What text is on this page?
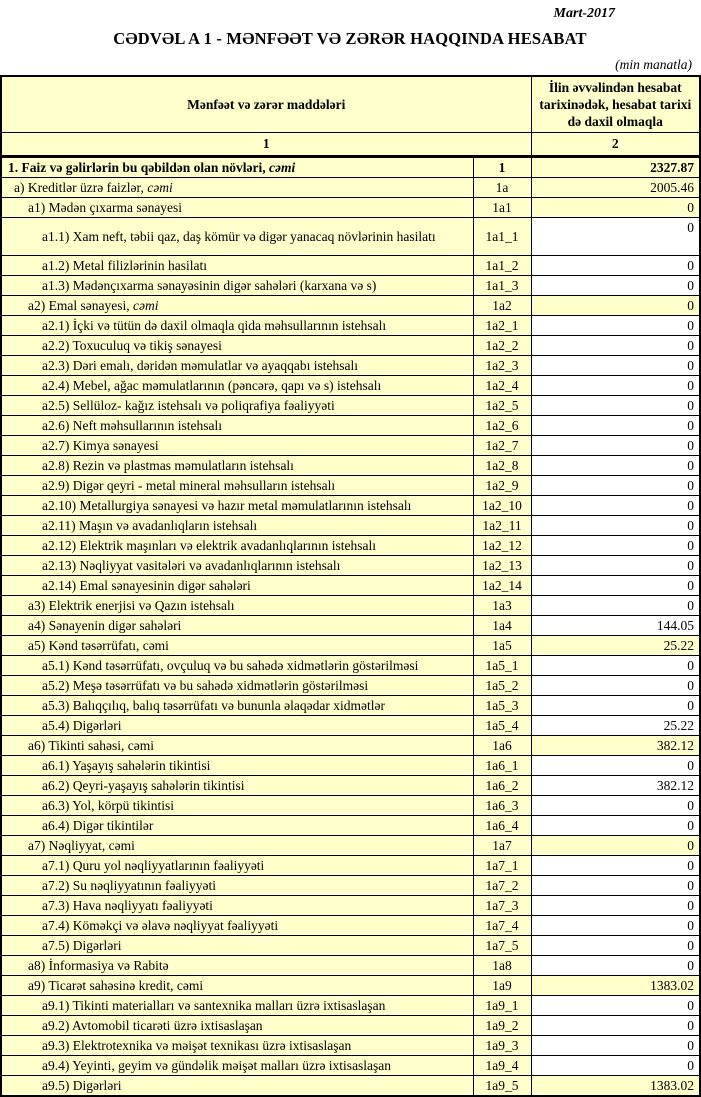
Mart-2017
CƏDVƏL A 1 - MƏNFƏƏT VƏ ZƏRƏR HAQQINDA HESABAT
(min manatla)
Mənfəət və zərər maddələri		İlin əvvəlindən hesabat tarixinədək, hesabat tarixi də daxil olmaqla
1		2
1. Faiz və gəlirlərin bu qəbildən olan növləri, cəmi	1	2327.87
a) Kreditlər üzrə faizlər, cəmi	1a	2005.46
a1) Mədən çıxarma sənayesi	1a1	0
a1.1) Xam neft, təbii qaz, daş kömür və digər yanacaq növlərinin hasilatı	1a1_1	0
a1.2) Metal filizlərinin hasilatı	1a1_2	0
a1.3) Mədənçıxarma sənayəsinin digər sahələri (karxana və s)	1a1_3	0
a2) Emal sənayesi, cəmi	1a2	0
a2.1) İçki və tütün də daxil olmaqla qida məhsullarının istehsalı	1a2_1	0
a2.2) Toxuculuq və tikiş sənayesi	1a2_2	0
a2.3) Dəri emalı, dəridən məmulatlar və ayaqqabı istehsalı	1a2_3	0
a2.4) Mebel, ağac məmulatlarının (pəncərə, qapı və s) istehsalı	1a2_4	0
a2.5) Sellüloz- kağız istehsalı və poliqrafiya fəaliyyəti	1a2_5	0
a2.6) Neft məhsullarının istehsalı	1a2_6	0
a2.7) Kimya sənayesi	1a2_7	0
a2.8) Rezin və plastmas məmulatların istehsalı	1a2_8	0
a2.9) Digər qeyri - metal mineral məhsulların istehsalı	1a2_9	0
a2.10) Metallurgiya sənayesi və hazır metal məmulatlarının istehsalı	1a2_10	0
a2.11) Maşın və avadanlıqların istehsalı	1a2_11	0
a2.12) Elektrik maşınları və elektrik avadanlıqlarının istehsalı	1a2_12	0
a2.13) Nəqliyyat vasitələri və avadanlıqlarının istehsalı	1a2_13	0
a2.14) Emal sənayesinin digər sahələri	1a2_14	0
a3) Elektrik enerjisi və Qazın istehsalı	1a3	0
a4) Sənayenin digər sahələri	1a4	144.05
a5) Kənd təsərrüfatı, cəmi	1a5	25.22
a5.1) Kənd təsərrüfatı, ovçuluq və bu sahədə xidmətlərin göstərilməsi	1a5_1	0
a5.2) Meşə təsərrüfatı və bu sahədə xidmətlərin göstərilməsi	1a5_2	0
a5.3) Balıqçılıq, balıq təsərrüfatı və bununla əlaqədar xidmətlər	1a5_3	0
a5.4) Digərləri	1a5_4	25.22
a6) Tikinti sahəsi, cəmi	1a6	382.12
a6.1) Yaşayış sahələrin tikintisi	1a6_1	0
a6.2) Qeyri-yaşayış sahələrin tikintisi	1a6_2	382.12
a6.3) Yol, körpü tikintisi	1a6_3	0
a6.4) Digər tikintilər	1a6_4	0
a7) Nəqliyyat, cəmi	1a7	0
a7.1) Quru yol nəqliyyatlarının fəaliyyəti	1a7_1	0
a7.2) Su nəqliyyatının fəaliyyəti	1a7_2	0
a7.3) Hava nəqliyyatı fəaliyyəti	1a7_3	0
a7.4) Köməkçi və əlavə nəqliyyat fəaliyyəti	1a7_4	0
a7.5) Digərləri	1a7_5	0
a8) İnformasiya və Rabitə	1a8	0
a9) Ticarət sahəsinə kredit, cəmi	1a9	1383.02
a9.1) Tikinti materialları və santexnika malları üzrə ixtisaslaşan	1a9_1	0
a9.2) Avtomobil ticarəti üzrə ixtisaslaşan	1a9_2	0
a9.3) Elektrotexnika və məişət texnikası üzrə ixtisaslaşan	1a9_3	0
a9.4) Yeyinti, geyim və gündəlik məişət malları üzrə ixtisaslaşan	1a9_4	0
a9.5) Digərləri	1a9_5	1383.02
